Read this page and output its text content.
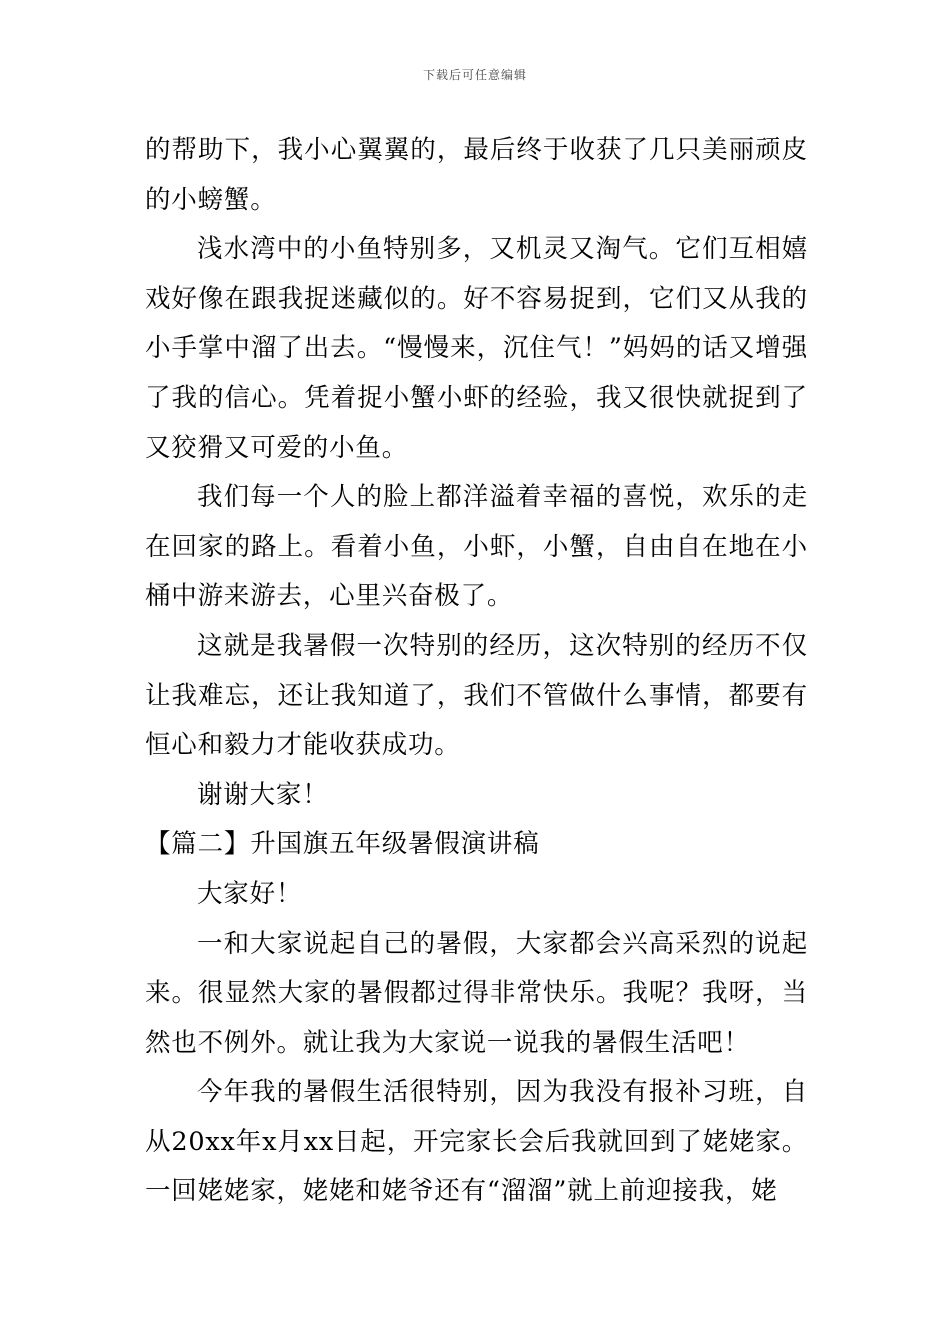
下载后可任意编辑

的帮助下，我小心翼翼的，最后终于收获了几只美丽顽皮的小螃蟹。

浅水湾中的小鱼特别多，又机灵又淘气。它们互相嬉戏好像在跟我捉迷藏似的。好不容易捉到，它们又从我的小手掌中溜了出去。“慢慢来，沉住气！”妈妈的话又增强了我的信心。凭着捉小蟹小虾的经验，我又很快就捉到了又狡猾又可爱的小鱼。

我们每一个人的脸上都洋溢着幸福的喜悦，欢乐的走在回家的路上。看着小鱼，小虾，小蟹，自由自在地在小桶中游来游去，心里兴奋极了。

这就是我暑假一次特别的经历，这次特别的经历不仅让我难忘，还让我知道了，我们不管做什么事情，都要有恒心和毅力才能收获成功。

谢谢大家！

【篇二】升国旗五年级暑假演讲稿

大家好！

一和大家说起自己的暑假，大家都会兴高采烈的说起来。很显然大家的暑假都过得非常快乐。我呢？我呀，当然也不例外。就让我为大家说一说我的暑假生活吧！

今年我的暑假生活很特别，因为我没有报补习班，自从20xx年x月xx日起，开完家长会后我就回到了姥姥家。一回姥姥家，姥姥和姥爷还有“溜溜”就上前迎接我，姥
